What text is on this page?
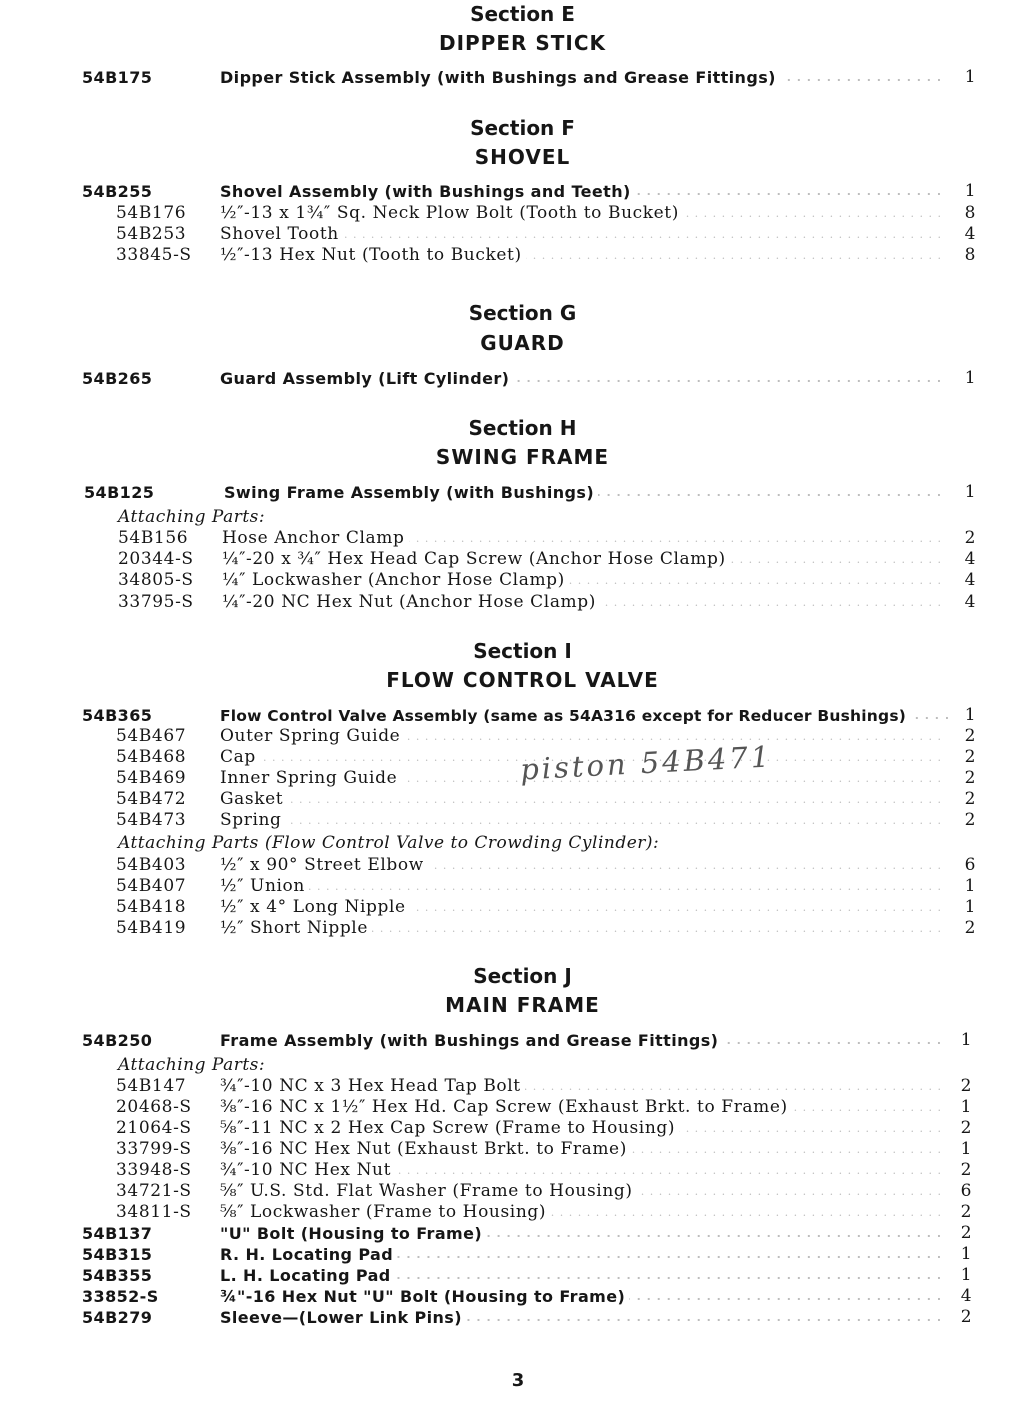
Section E
DIPPER STICK
54B175	Dipper Stick Assembly (with Bushings and Grease Fittings) . . .	1
Section F
SHOVEL
54B255	Shovel Assembly (with Bushings and Teeth) . . .	1
54B176 ½″-13 x 1¾″ Sq. Neck Plow Bolt (Tooth to Bucket) . . .	8
54B253 Shovel Tooth . . .	4
33845-S ½″-13 Hex Nut (Tooth to Bucket) . . .	8
Section G
GUARD
54B265	Guard Assembly (Lift Cylinder) . . .	1
Section H
SWING FRAME
54B125	Swing Frame Assembly (with Bushings) . . .	1
Attaching Parts:
54B156 Hose Anchor Clamp . . .	2
20344-S ¼″-20 x ¾″ Hex Head Cap Screw (Anchor Hose Clamp) . . .	4
34805-S ¼″ Lockwasher (Anchor Hose Clamp) . . .	4
33795-S ¼″-20 NC Hex Nut (Anchor Hose Clamp) . . .	4
Section I
FLOW CONTROL VALVE
54B365	Flow Control Valve Assembly (same as 54A316 except for Reducer Bushings) . . .	1
54B467 Outer Spring Guide . . .	2
54B468 Cap . . .	2
54B469 Inner Spring Guide . . .	2
54B472 Gasket . . .	2
54B473 Spring . . .	2
Attaching Parts (Flow Control Valve to Crowding Cylinder):
54B403 ½″ x 90° Street Elbow . . .	6
54B407 ½″ Union . . .	1
54B418 ½″ x 4° Long Nipple . . .	1
54B419 ½″ Short Nipple . . .	2
piston 54B471
Section J
MAIN FRAME
54B250	Frame Assembly (with Bushings and Grease Fittings) . . .	1
Attaching Parts:
54B147 ¾″-10 NC x 3 Hex Head Tap Bolt . . .	2
20468-S ⅜″-16 NC x 1½″ Hex Hd. Cap Screw (Exhaust Brkt. to Frame) . . .	1
21064-S ⅝″-11 NC x 2 Hex Cap Screw (Frame to Housing) . . .	2
33799-S ⅜″-16 NC Hex Nut (Exhaust Brkt. to Frame) . . .	1
33948-S ¾″-10 NC Hex Nut . . .	2
34721-S ⅝″ U.S. Std. Flat Washer (Frame to Housing) . . .	6
34811-S ⅝″ Lockwasher (Frame to Housing) . . .	2
54B137	"U" Bolt (Housing to Frame) . . .	2
54B315	R. H. Locating Pad . . .	1
54B355	L. H. Locating Pad . . .	1
33852-S	¾"-16 Hex Nut "U" Bolt (Housing to Frame) . . .	4
54B279	Sleeve—(Lower Link Pins) . . .	2
3
